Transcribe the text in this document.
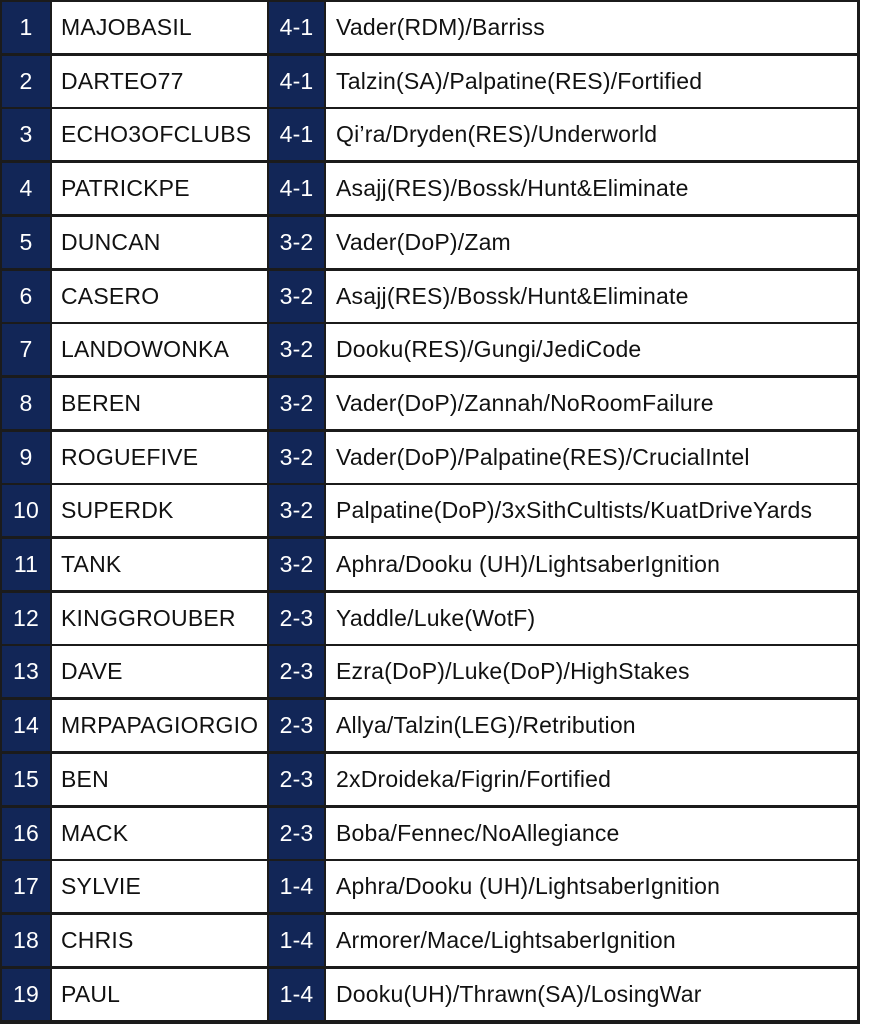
1	MAJOBASIL	4-1 Vader(RDM)/Barriss
2	DARTEO77	4-1 Talzin(SA)/Palpatine(RES)/Fortified
3	ECHO3OFCLUBS	4-1 Qi’ra/Dryden(RES)/Underworld
4	PATRICKPE	4-1 Asajj(RES)/Bossk/Hunt&Eliminate
5	DUNCAN	3-2 Vader(DoP)/Zam
6	CASERO	3-2 Asajj(RES)/Bossk/Hunt&Eliminate
7	LANDOWONKA	3-2 Dooku(RES)/Gungi/JediCode
8	BEREN	3-2 Vader(DoP)/Zannah/NoRoomFailure
9	ROGUEFIVE	3-2 Vader(DoP)/Palpatine(RES)/CrucialIntel
10 SUPERDK	3-2 Palpatine(DoP)/3xSithCultists/KuatDriveYards
11 TANK	3-2 Aphra/Dooku (UH)/LightsaberIgnition
12 KINGGROUBER	2-3 Yaddle/Luke(WotF)
13 DAVE	2-3 Ezra(DoP)/Luke(DoP)/HighStakes
14 MRPAPAGIORGIO 2-3 Allya/Talzin(LEG)/Retribution
15 BEN	2-3 2xDroideka/Figrin/Fortified
16 MACK	2-3 Boba/Fennec/NoAllegiance
17 SYLVIE	1-4 Aphra/Dooku (UH)/LightsaberIgnition
18 CHRIS	1-4 Armorer/Mace/LightsaberIgnition
19 PAUL	1-4 Dooku(UH)/Thrawn(SA)/LosingWar
